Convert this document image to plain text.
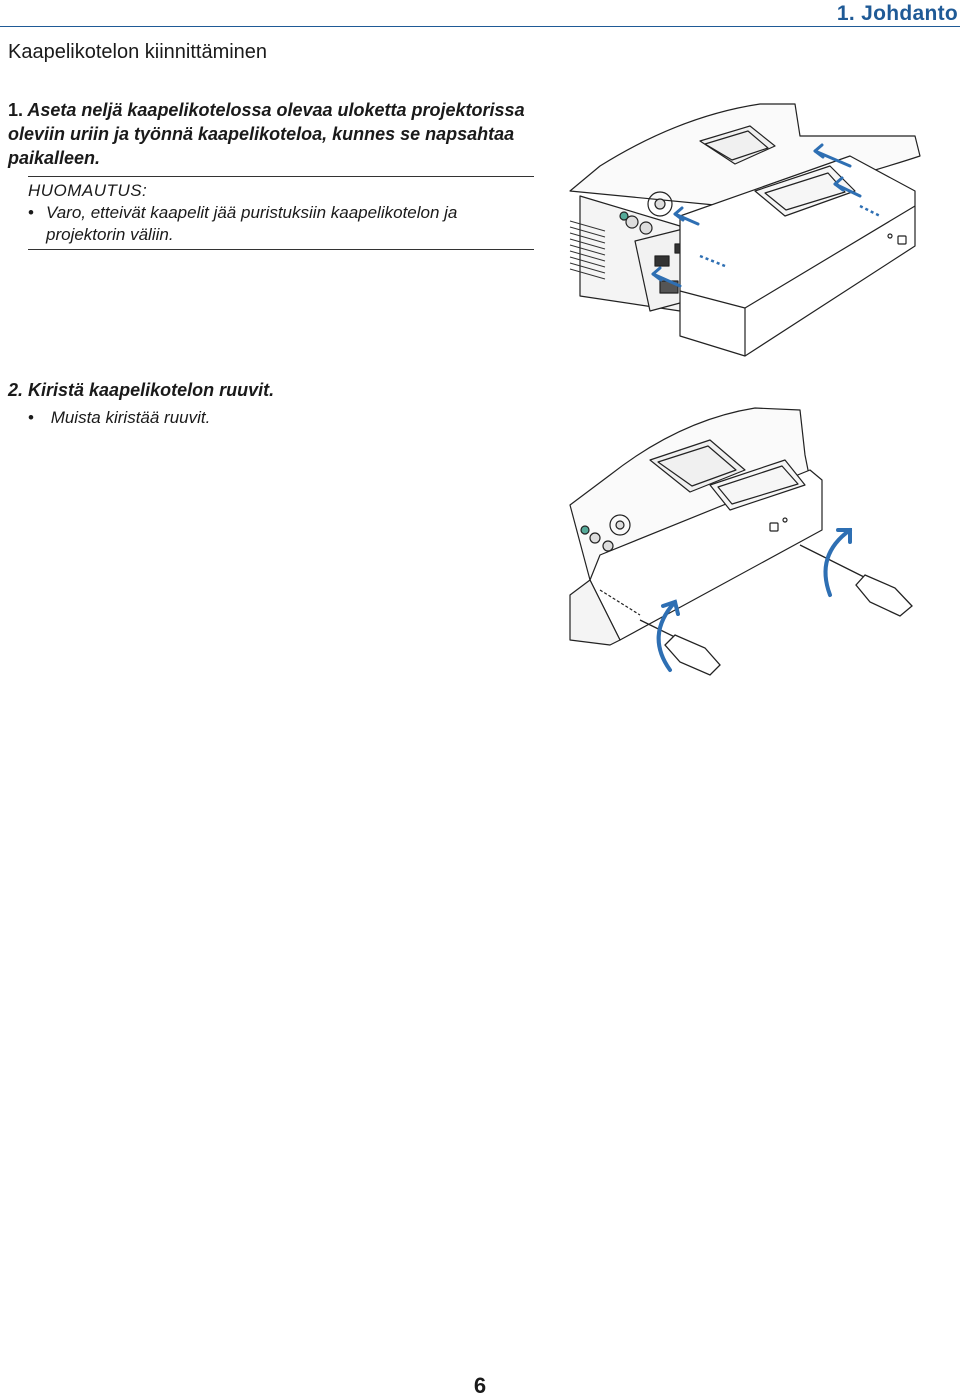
1. Johdanto
Kaapelikotelon kiinnittäminen
1. Aseta neljä kaapelikotelossa olevaa uloketta projektorissa oleviin uriin ja työnnä kaapelikoteloa, kunnes se napsahtaa paikalleen.
HUOMAUTUS:
• Varo, etteivät kaapelit jää puristuksiin kaapelikotelon ja projektorin väliin.
2. Kiristä kaapelikotelon ruuvit.
• Muista kiristää ruuvit.
6
